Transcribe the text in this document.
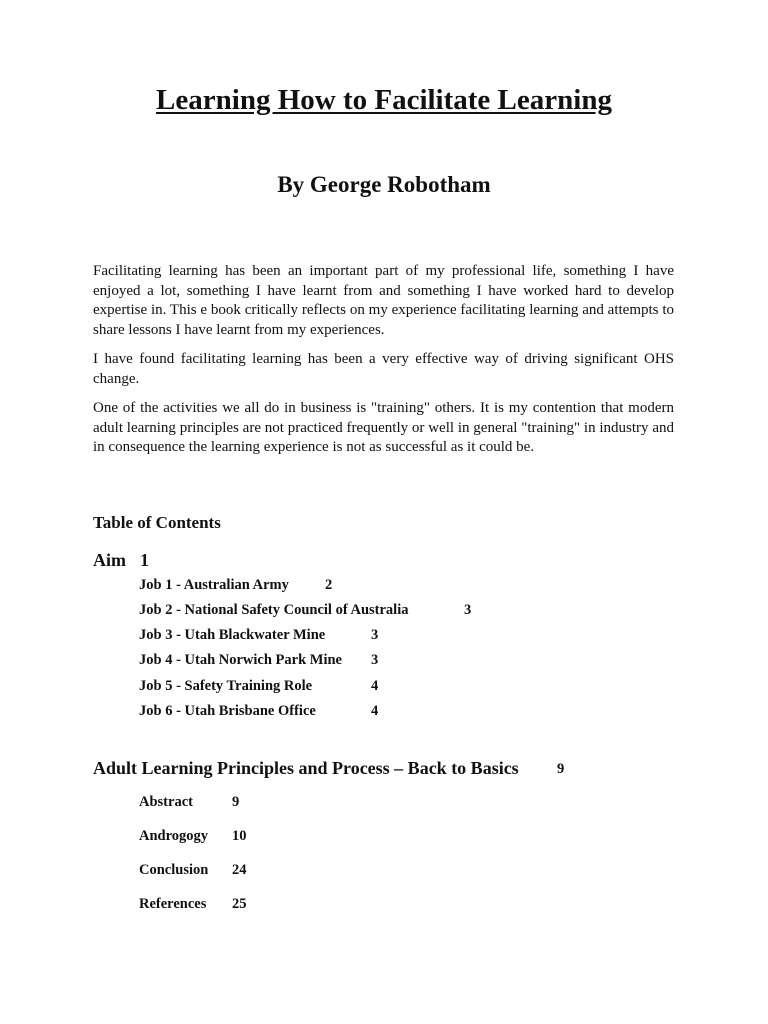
Learning How to Facilitate Learning
By George Robotham

Facilitating learning has been an important part of my professional life, something I have enjoyed a lot, something I have learnt from and something I have worked hard to develop expertise in. This e book critically reflects on my experience facilitating learning and attempts to share lessons I have learnt from my experiences.

I have found facilitating learning has been a very effective way of driving significant OHS change.

One of the activities we all do in business is "training" others. It is my contention that modern adult learning principles are not practiced frequently or well in general "training" in industry and in consequence the learning experience is not as successful as it could be.

Table of Contents
Aim 1
Job 1 - Australian Army 2
Job 2 - National Safety Council of Australia	3
Job 3 - Utah Blackwater Mine	3
Job 4 - Utah Norwich Park Mine 3
Job 5 - Safety Training Role	4
Job 6 - Utah Brisbane Office	4
Adult Learning Principles and Process – Back to Basics	9
Abstract	9
Androgogy 10
Conclusion 24
References 25
